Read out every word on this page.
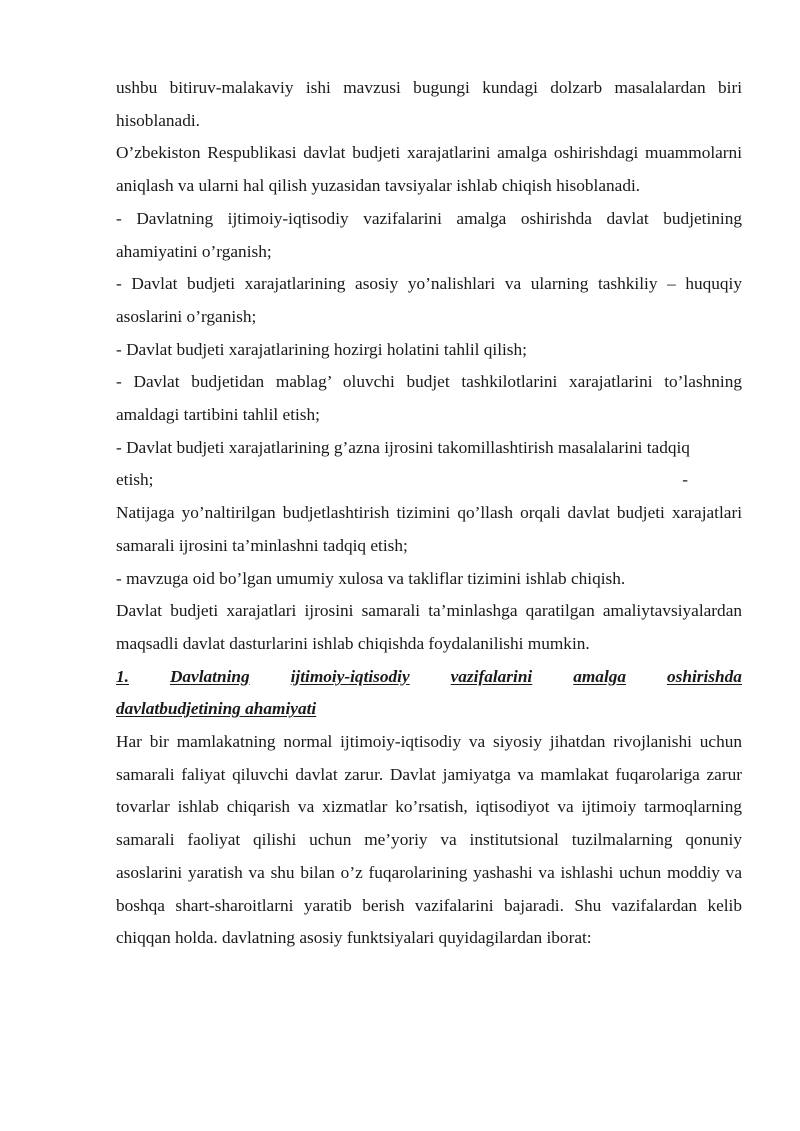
ushbu bitiruv-malakaviy ishi mavzusi bugungi kundagi dolzarb masalalardan biri hisoblanadi.

O’zbekiston Respublikasi davlat budjeti xarajatlarini amalga oshirishdagi muammolarni aniqlash va ularni hal qilish yuzasidan tavsiyalar ishlab chiqish hisoblanadi.

- Davlatning ijtimoiy-iqtisodiy vazifalarini amalga oshirishda davlat budjetining ahamiyatini o’rganish;

- Davlat budjeti xarajatlarining asosiy yo’nalishlari va ularning tashkiliy – huquqiy asoslarini o’rganish;

- Davlat budjeti xarajatlarining hozirgi holatini tahlil qilish;

- Davlat budjetidan mablag’ oluvchi budjet tashkilotlarini xarajatlarini to’lashning amaldagi tartibini tahlil etish;

- Davlat budjeti xarajatlarining g’azna ijrosini takomillashtirish masalalarini tadqiq
etish;	-

Natijaga yo’naltirilgan budjetlashtirish tizimini qo’llash orqali davlat budjeti xarajatlari samarali ijrosini ta’minlashni tadqiq etish;

- mavzuga oid bo’lgan umumiy xulosa va takliflar tizimini ishlab chiqish.

Davlat budjeti xarajatlari ijrosini samarali ta’minlashga qaratilgan amaliytavsiyalardan maqsadli davlat dasturlarini ishlab chiqishda foydalanilishi mumkin.

1. Davlatning ijtimoiy-iqtisodiy vazifalarini amalga oshirishda
davlatbudjetining ahamiyati

Har bir mamlakatning normal ijtimoiy-iqtisodiy va siyosiy jihatdan rivojlanishi uchun samarali faliyat qiluvchi davlat zarur. Davlat jamiyatga va mamlakat fuqarolariga zarur tovarlar ishlab chiqarish va xizmatlar ko’rsatish, iqtisodiyot va ijtimoiy tarmoqlarning samarali faoliyat qilishi uchun me’yoriy va institutsional tuzilmalarning qonuniy asoslarini yaratish va shu bilan o’z fuqarolarining yashashi va ishlashi uchun moddiy va boshqa shart-sharoitlarni yaratib berish vazifalarini bajaradi. Shu vazifalardan kelib chiqqan holda. davlatning asosiy funktsiyalari quyidagilardan iborat:
